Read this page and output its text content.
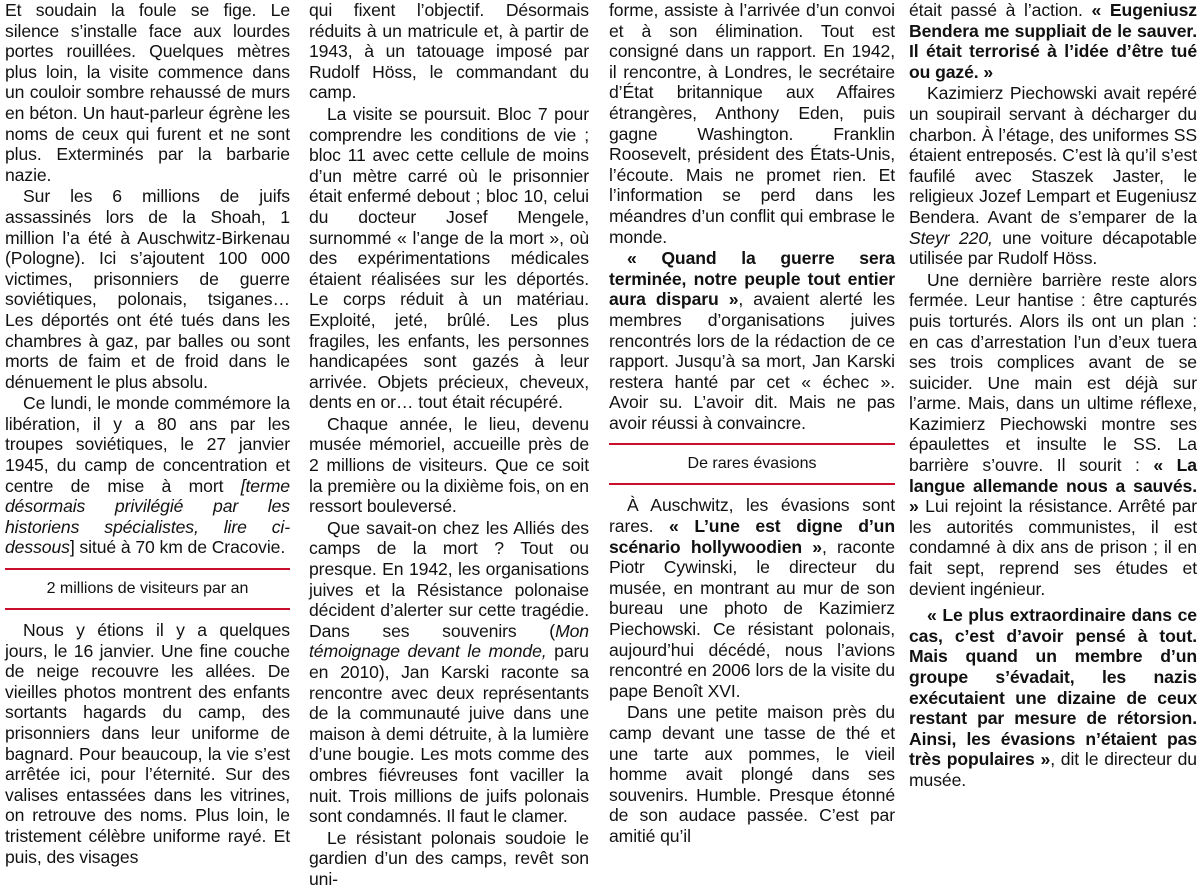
Et soudain la foule se fige. Le silence s’installe face aux lourdes portes rouillées. Quelques mètres plus loin, la visite commence dans un couloir sombre rehaussé de murs en béton. Un haut-parleur égrène les noms de ceux qui furent et ne sont plus. Exterminés par la barbarie nazie.

Sur les 6 millions de juifs assassinés lors de la Shoah, 1 million l’a été à Auschwitz-Birkenau (Pologne). Ici s’ajoutent 100 000 victimes, prisonniers de guerre soviétiques, polonais, tsiganes… Les déportés ont été tués dans les chambres à gaz, par balles ou sont morts de faim et de froid dans le dénuement le plus absolu.

Ce lundi, le monde commémore la libération, il y a 80 ans par les troupes soviétiques, le 27 janvier 1945, du camp de concentration et centre de mise à mort [terme désormais privilégié par les historiens spécialistes, lire ci-dessous] situé à 70 km de Cracovie.

2 millions de visiteurs par an

Nous y étions il y a quelques jours, le 16 janvier. Une fine couche de neige recouvre les allées. De vieilles photos montrent des enfants sortants hagards du camp, des prisonniers dans leur uniforme de bagnard. Pour beaucoup, la vie s’est arrêtée ici, pour l’éternité. Sur des valises entassées dans les vitrines, on retrouve des noms. Plus loin, le tristement célèbre uniforme rayé. Et puis, des visages

qui fixent l’objectif. Désormais réduits à un matricule et, à partir de 1943, à un tatouage imposé par Rudolf Höss, le commandant du camp.

La visite se poursuit. Bloc 7 pour comprendre les conditions de vie ; bloc 11 avec cette cellule de moins d’un mètre carré où le prisonnier était enfermé debout ; bloc 10, celui du docteur Josef Mengele, surnommé « l’ange de la mort », où des expérimentations médicales étaient réalisées sur les déportés. Le corps réduit à un matériau. Exploité, jeté, brûlé. Les plus fragiles, les enfants, les personnes handicapées sont gazés à leur arrivée. Objets précieux, cheveux, dents en or… tout était récupéré.

Chaque année, le lieu, devenu musée mémoriel, accueille près de 2 millions de visiteurs. Que ce soit la première ou la dixième fois, on en ressort bouleversé.

Que savait-on chez les Alliés des camps de la mort ? Tout ou presque. En 1942, les organisations juives et la Résistance polonaise décident d’alerter sur cette tragédie. Dans ses souvenirs (Mon témoignage devant le monde, paru en 2010), Jan Karski raconte sa rencontre avec deux représentants de la communauté juive dans une maison à demi détruite, à la lumière d’une bougie. Les mots comme des ombres fiévreuses font vaciller la nuit. Trois millions de juifs polonais sont condamnés. Il faut le clamer.

Le résistant polonais soudoie le gardien d’un des camps, revêt son uni-

forme, assiste à l’arrivée d’un convoi et à son élimination. Tout est consigné dans un rapport. En 1942, il rencontre, à Londres, le secrétaire d’État britannique aux Affaires étrangères, Anthony Eden, puis gagne Washington. Franklin Roosevelt, président des États-Unis, l’écoute. Mais ne promet rien. Et l’information se perd dans les méandres d’un conflit qui embrase le monde.

« Quand la guerre sera terminée, notre peuple tout entier aura disparu », avaient alerté les membres d’organisations juives rencontrés lors de la rédaction de ce rapport. Jusqu’à sa mort, Jan Karski restera hanté par cet « échec ». Avoir su. L’avoir dit. Mais ne pas avoir réussi à convaincre.

De rares évasions

À Auschwitz, les évasions sont rares. « L’une est digne d’un scénario hollywoodien », raconte Piotr Cywinski, le directeur du musée, en montrant au mur de son bureau une photo de Kazimierz Piechowski. Ce résistant polonais, aujourd’hui décédé, nous l’avions rencontré en 2006 lors de la visite du pape Benoît XVI.

Dans une petite maison près du camp devant une tasse de thé et une tarte aux pommes, le vieil homme avait plongé dans ses souvenirs. Humble. Presque étonné de son audace passée. C’est par amitié qu’il

était passé à l’action. « Eugeniusz Bendera me suppliait de le sauver. Il était terrorisé à l’idée d’être tué ou gazé. »

Kazimierz Piechowski avait repéré un soupirail servant à décharger du charbon. À l’étage, des uniformes SS étaient entreposés. C’est là qu’il s’est faufilé avec Staszek Jaster, le religieux Jozef Lempart et Eugeniusz Bendera. Avant de s’emparer de la Steyr 220, une voiture décapotable utilisée par Rudolf Höss.

Une dernière barrière reste alors fermée. Leur hantise : être capturés puis torturés. Alors ils ont un plan : en cas d’arrestation l’un d’eux tuera ses trois complices avant de se suicider. Une main est déjà sur l’arme. Mais, dans un ultime réflexe, Kazimierz Piechowski montre ses épaulettes et insulte le SS. La barrière s’ouvre. Il sourit : « La langue allemande nous a sauvés. » Lui rejoint la résistance. Arrêté par les autorités communistes, il est condamné à dix ans de prison ; il en fait sept, reprend ses études et devient ingénieur.

« Le plus extraordinaire dans ce cas, c’est d’avoir pensé à tout. Mais quand un membre d’un groupe s’évadait, les nazis exécutaient une dizaine de ceux restant par mesure de rétorsion. Ainsi, les évasions n’étaient pas très populaires », dit le directeur du musée.
